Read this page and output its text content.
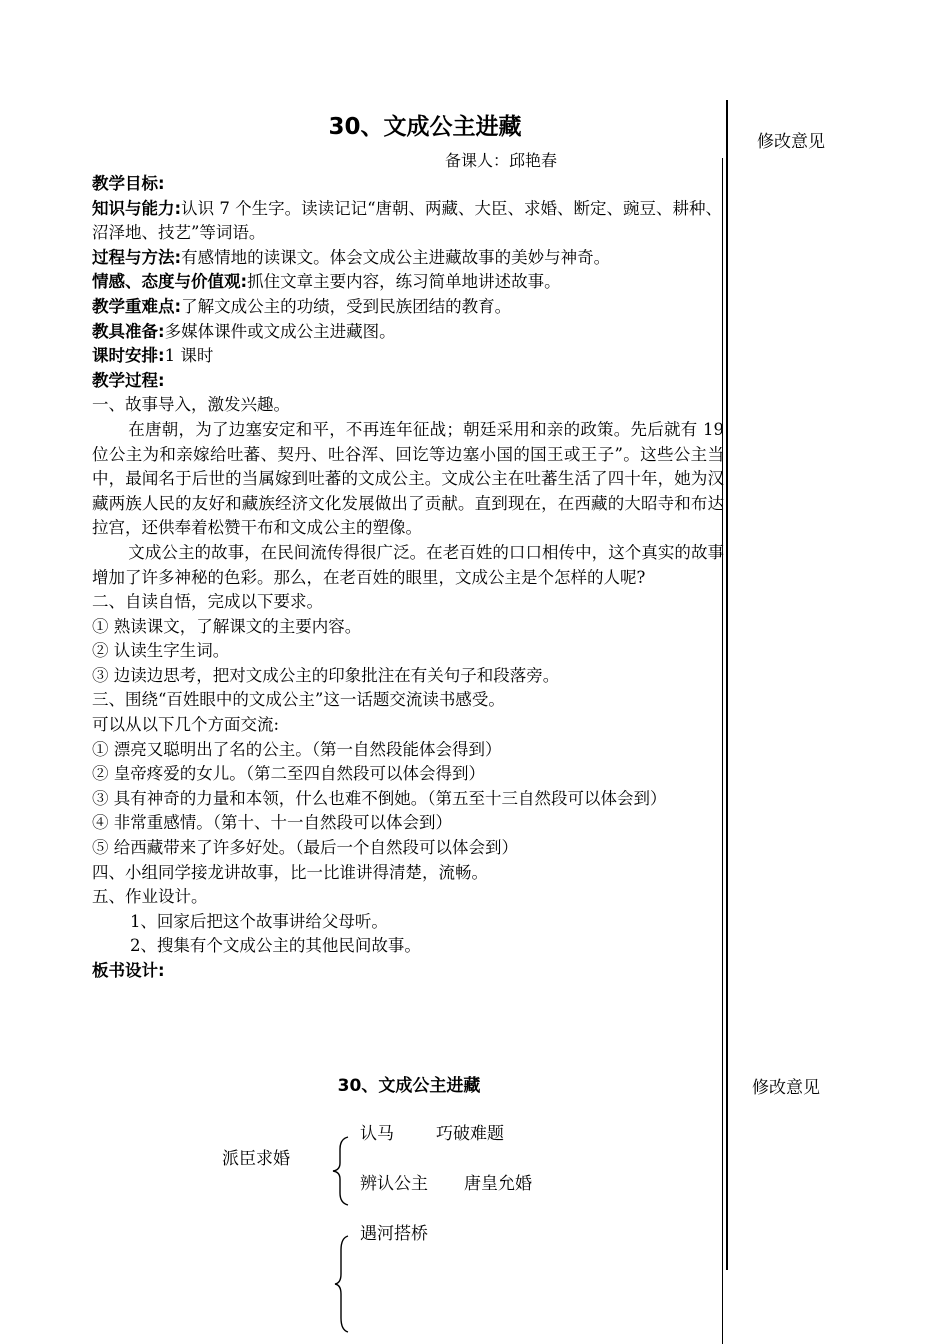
30、文成公主进藏
备课人：邱艳春
修改意见
修改意见

教学目标:

知识与能力:认识 7 个生字。读读记记“唐朝、两藏、大臣、求婚、断定、豌豆、耕种、沼泽地、技艺”等词语。

过程与方法:有感情地的读课文。体会文成公主进藏故事的美妙与神奇。

情感、态度与价值观:抓住文章主要内容，练习简单地讲述故事。

教学重难点:了解文成公主的功绩，受到民族团结的教育。

教具准备:多媒体课件或文成公主进藏图。

课时安排:1 课时

教学过程:

一、故事导入，激发兴趣。

在唐朝，为了边塞安定和平，不再连年征战；朝廷采用和亲的政策。先后就有 19 位公主为和亲嫁给吐蕃、契丹、吐谷浑、回讫等边塞小国的国王或王子”。这些公主当中，最闻名于后世的当属嫁到吐蕃的文成公主。文成公主在吐蕃生活了四十年，她为汉藏两族人民的友好和藏族经济文化发展做出了贡献。直到现在，在西藏的大昭寺和布达拉宫，还供奉着松赞干布和文成公主的塑像。

文成公主的故事，在民间流传得很广泛。在老百姓的口口相传中，这个真实的故事增加了许多神秘的色彩。那么，在老百姓的眼里，文成公主是个怎样的人呢?

二、自读自悟，完成以下要求。

① 熟读课文，了解课文的主要内容。

② 认读生字生词。

③ 边读边思考，把对文成公主的印象批注在有关句子和段落旁。

三、围绕“百姓眼中的文成公主”这一话题交流读书感受。

可以从以下几个方面交流:

① 漂亮又聪明出了名的公主。（第一自然段能体会得到）

② 皇帝疼爱的女儿。（第二至四自然段可以体会得到）

③ 具有神奇的力量和本领，什么也难不倒她。（第五至十三自然段可以体会到）

④ 非常重感情。（第十、十一自然段可以体会到）

⑤ 给西藏带来了许多好处。（最后一个自然段可以体会到）

四、小组同学接龙讲故事，比一比谁讲得清楚，流畅。

五、作业设计。

1、回家后把这个故事讲给父母听。

2、搜集有个文成公主的其他民间故事。

板书设计:

30、文成公主进藏
派臣求婚
认马 巧破难题
辨认公主 唐皇允婚
遇河搭桥
